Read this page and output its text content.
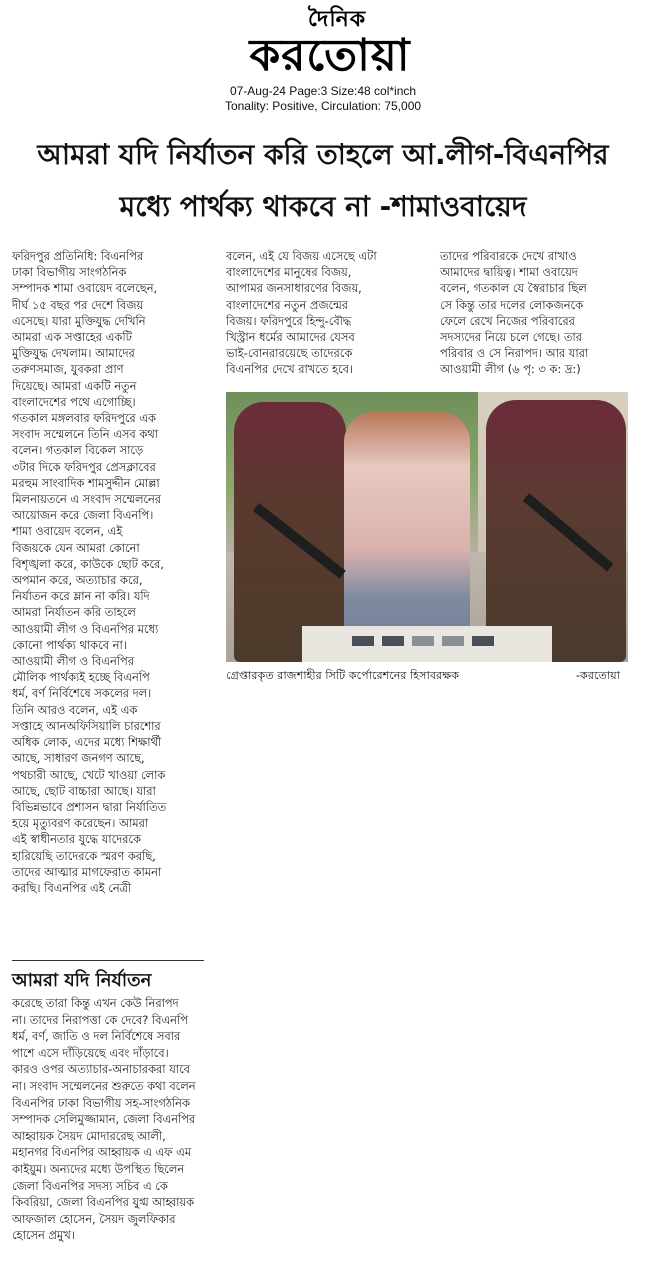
দৈনিক
করতোয়া
07-Aug-24 Page:3 Size:48 col*inch
Tonality: Positive, Circulation: 75,000
আমরা যদি নির্যাতন করি তাহলে আ.লীগ-বিএনপির
মধ্যে পার্থক্য থাকবে না -শামাওবায়েদ
ফরিদপুর প্রতিনিধি: বিএনপির
ঢাকা বিভাগীয় সাংগঠনিক
সম্পাদক শামা ওবায়েদ বলেছেন,
দীর্ঘ ১৫ বছর পর দেশে বিজয়
এসেছে। যারা মুক্তিযুদ্ধ দেখিনি
আমরা এক সপ্তাহের একটি
মুক্তিযুদ্ধ দেখলাম। আমাদের
তরুণসমাজ, যুবকরা প্রাণ
দিয়েছে। আমরা একটি নতুন
বাংলাদেশের পথে এগোচ্ছি।
গতকাল মঙ্গলবার ফরিদপুরে এক
সংবাদ সম্মেলনে তিনি এসব কথা
বলেন। গতকাল বিকেল সাড়ে
৩টার দিকে ফরিদপুর প্রেসক্লাবের
মরহুম সাংবাদিক শামসুদ্দীন মোল্লা
মিলনায়তনে এ সংবাদ সম্মেলনের
আয়োজন করে জেলা বিএনপি।
শামা ওবায়েদ বলেন, এই
বিজয়কে যেন আমরা কোনো
বিশৃঙ্খলা করে, কাউকে ছোট করে,
অপমান করে, অত্যাচার করে,
নির্যাতন করে ম্লান না করি। যদি
আমরা নির্যাতন করি তাহলে
আওয়ামী লীগ ও বিএনপির মধ্যে
কোনো পার্থক্য থাকবে না।
আওয়ামী লীগ ও বিএনপির
মৌলিক পার্থক্যই হচ্ছে বিএনপি
ধর্ম, বর্ণ নির্বিশেষে সকলের দল।
তিনি আরও বলেন, এই এক
সপ্তাহে আনঅফিসিয়ালি চারশোর
অধিক লোক, এদের মধ্যে শিক্ষার্থী
আছে, সাধারণ জনগণ আছে,
পথচারী আছে, খেটে খাওয়া লোক
আছে, ছোট বাচ্চারা আছে। যারা
বিভিন্নভাবে প্রশাসন দ্বারা নির্যাতিত
হয়ে মৃত্যুবরণ করেছেন। আমরা
এই স্বাধীনতার যুদ্ধে যাদেরকে
হারিয়েছি তাদেরকে স্মরণ করছি,
তাদের আত্মার মাগফেরাত কামনা
করছি। বিএনপির এই নেত্রী
বলেন, এই যে বিজয় এসেছে এটা
বাংলাদেশের মানুষের বিজয়,
আপামর জনসাধারণের বিজয়,
বাংলাদেশের নতুন প্রজন্মের
বিজয়। ফরিদপুরে হিন্দু-বৌদ্ধ
খিস্ট্রান ধর্মের আমাদের যেসব
ভাই-বোনরারয়েছে তাদেরকে
বিএনপির দেখে রাখতে হবে।
তাদের পরিবারকে দেখে রাখাও
আমাদের দ্বায়িত্ব। শামা ওবায়েদ
বলেন, গতকাল যে স্বৈরাচার ছিল
সে কিন্তু তার দলের লোকজনকে
ফেলে রেখে নিজের পরিবারের
সদস্যদের নিয়ে চলে গেছে। তার
পরিবার ও সে নিরাপদ। আর যারা
আওয়ামী লীগ (৬ পৃ: ৩ ক: দ্র:)
গ্রেপ্তারকৃত রাজশাহীর সিটি কর্পোরেশনের হিসাবরক্ষক	-করতোয়া
আমরা যদি নির্যাতন
করেছে তারা কিন্তু এখন কেউ নিরাপদ
না। তাদের নিরাপত্তা কে দেবে? বিএনপি
ধর্ম, বর্ণ, জাতি ও দল নির্বিশেষে সবার
পাশে এসে দাঁড়িয়েছে এবং দাঁড়াবে।
কারও ওপর অত্যাচার-অনাচারকরা যাবে
না। সংবাদ সম্মেলনের শুরুতে কথা বলেন
বিএনপির ঢাকা বিভাগীয় সহ-সাংগঠনিক
সম্পাদক সেলিমুজ্জামান, জেলা বিএনপির
আহ্বায়ক সৈয়দ মোদাররেছ আলী,
মহানগর বিএনপির আহ্বায়ক এ এফ এম
কাইয়ুম। অন্যদের মধ্যে উপস্থিত ছিলেন
জেলা বিএনপির সদস্য সচিব এ কে
কিবরিয়া, জেলা বিএনপির যুগ্ম আহ্বায়ক
আফজাল হোসেন, সৈয়দ জুলফিকার
হোসেন প্রমুখ।
